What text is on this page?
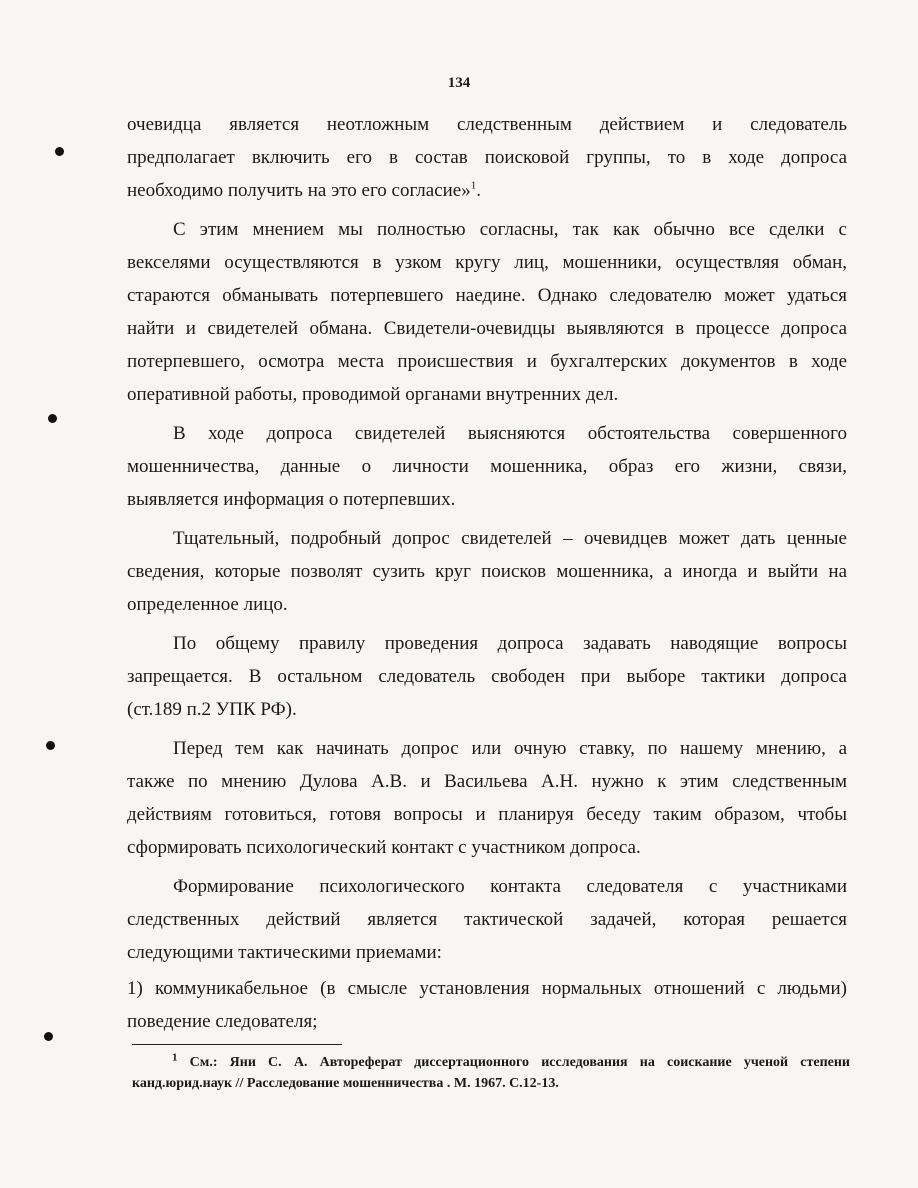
134

очевидца является неотложным следственным действием и следователь
предполагает включить его в состав поисковой группы, то в ходе допроса
необходимо получить на это его согласие»$^1$.

С этим мнением мы полностью согласны, так как обычно все сделки с
векселями осуществляются в узком кругу лиц, мошенники, осуществляя обман,
стараются обманывать потерпевшего наедине. Однако следователю может удаться
найти и свидетелей обмана. Свидетели-очевидцы выявляются в процессе допроса
потерпевшего, осмотра места происшествия и бухгалтерских документов в ходе
оперативной работы, проводимой органами внутренних дел.

В ходе допроса свидетелей выясняются обстоятельства совершенного
мошенничества, данные о личности мошенника, образ его жизни, связи,
выявляется информация о потерпевших.

Тщательный, подробный допрос свидетелей – очевидцев может дать ценные
сведения, которые позволят сузить круг поисков мошенника, а иногда и выйти на
определенное лицо.

По общему правилу проведения допроса задавать наводящие вопросы
запрещается. В остальном следователь свободен при выборе тактики допроса
(ст.189 п.2 УПК РФ).

Перед тем как начинать допрос или очную ставку, по нашему мнению, а
также по мнению Дулова А.В. и Васильева А.Н. нужно к этим следственным
действиям готовиться, готовя вопросы и планируя беседу таким образом, чтобы
сформировать психологический контакт с участником допроса.

Формирование психологического контакта следователя с участниками
следственных действий является тактической задачей, которая решается
следующими тактическими приемами:

1) коммуникабельное (в смысле установления нормальных отношений с людьми)
поведение следователя;

$^1$ См.: Яни С. А. Автореферат диссертационного исследования на соискание ученой степени
канд.юрид.наук // Расследование мошенничества . М. 1967. С.12-13.
